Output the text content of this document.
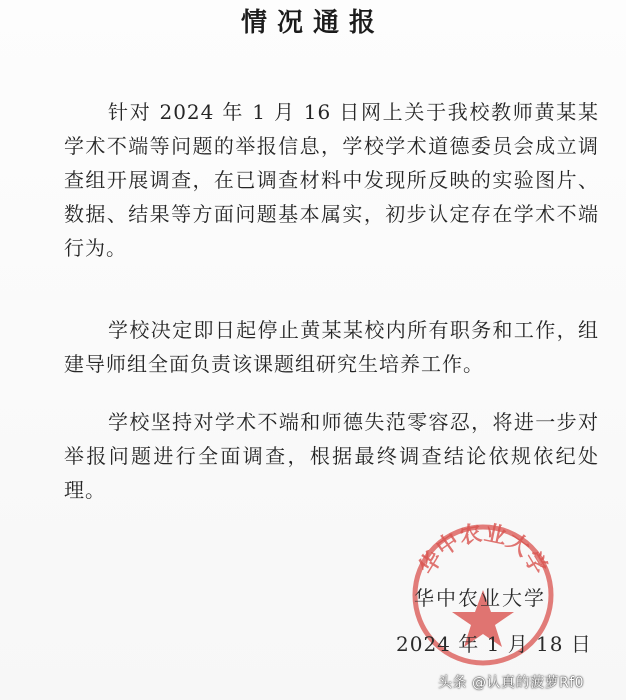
情况通报
针对 2024 年 1 月 16 日网上关于我校教师黄某某学术不端等问题的举报信息，学校学术道德委员会成立调查组开展调查，在已调查材料中发现所反映的实验图片、数据、结果等方面问题基本属实，初步认定存在学术不端行为。
学校决定即日起停止黄某某校内所有职务和工作，组建导师组全面负责该课题组研究生培养工作。
学校坚持对学术不端和师德失范零容忍，将进一步对举报问题进行全面调查，根据最终调查结论依规依纪处理。
华中农业大学
华中农业大学
2024 年 1 月 18 日
头条 @认真的菠萝Rf0
